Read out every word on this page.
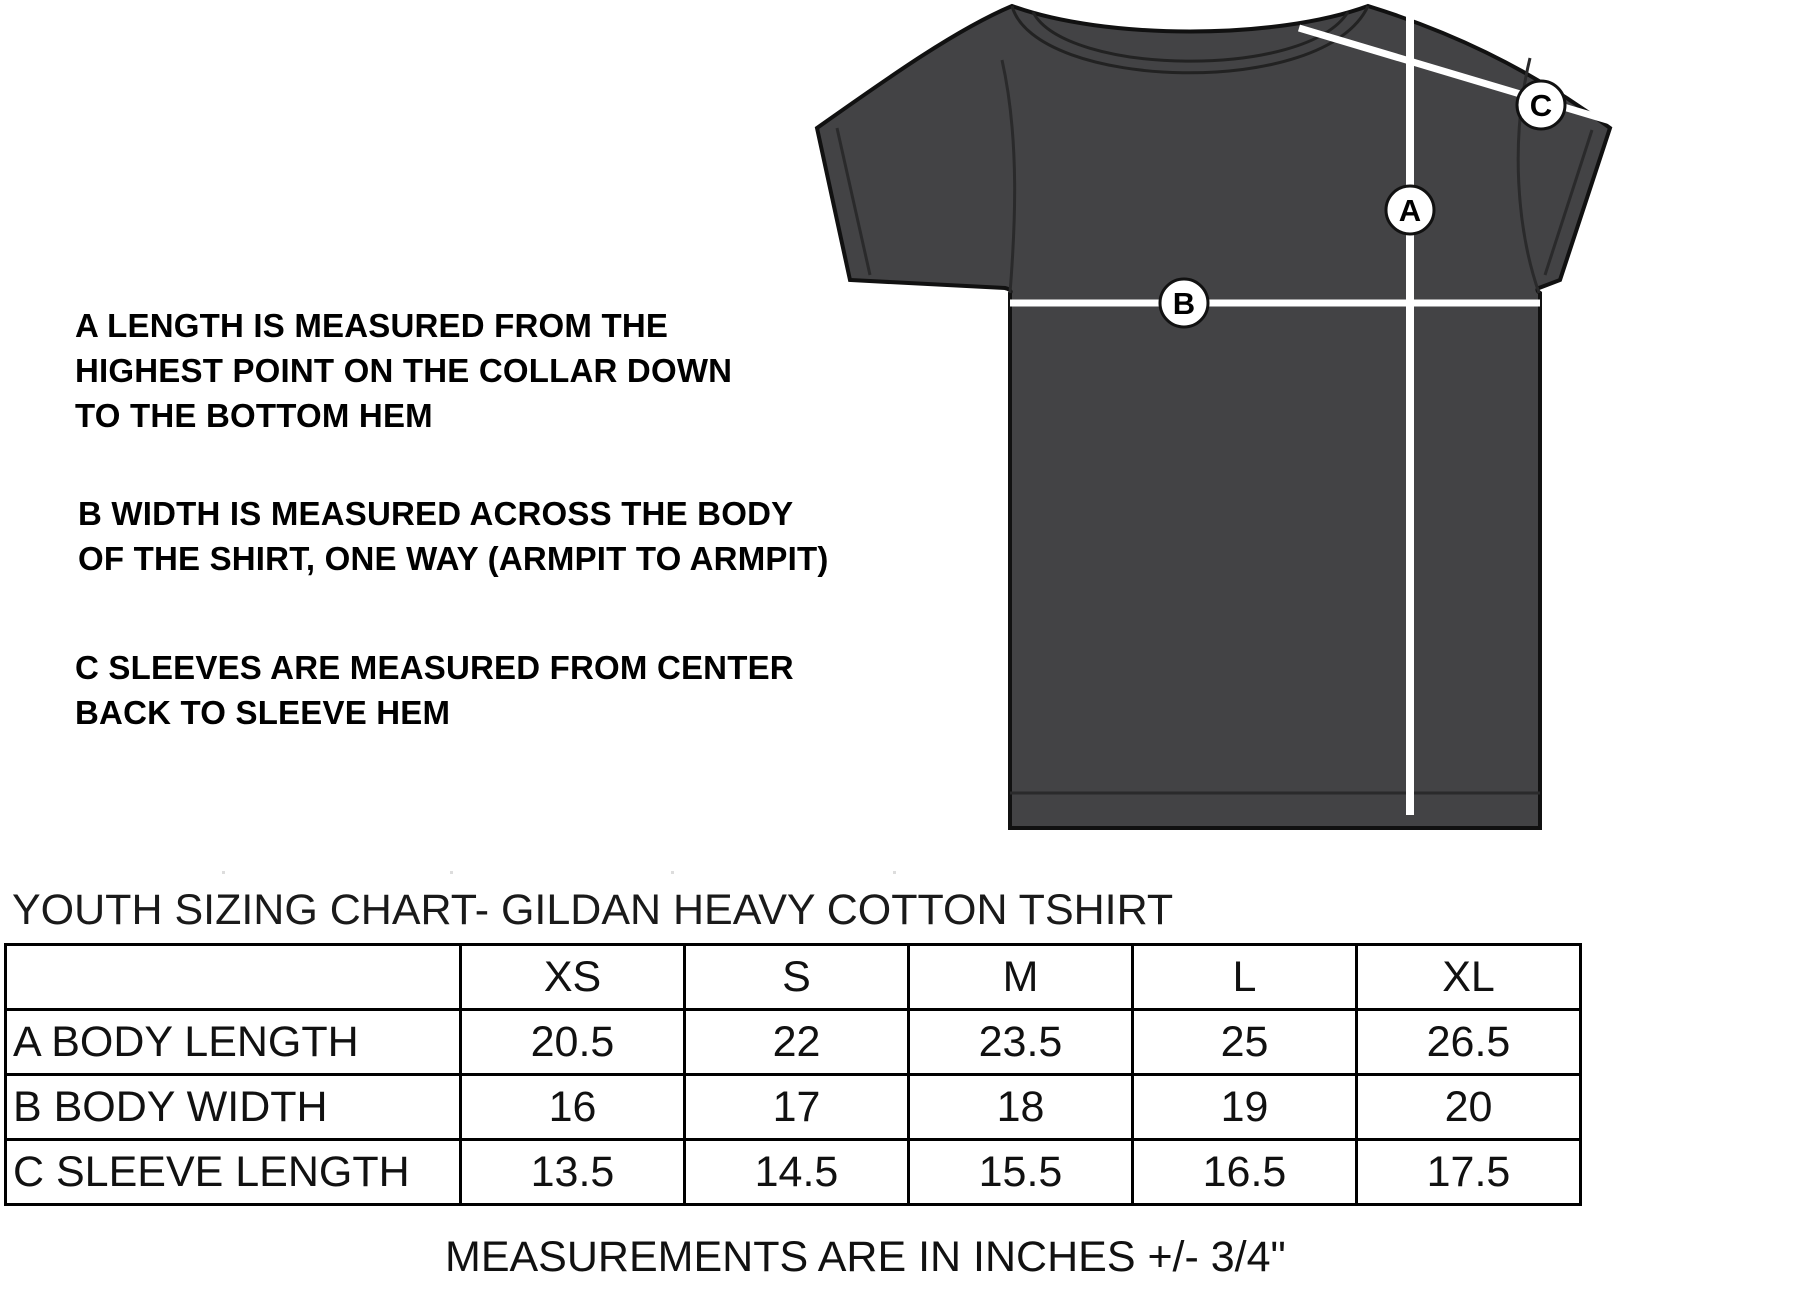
A LENGTH IS MEASURED FROM THE

HIGHEST POINT ON THE COLLAR DOWN

TO THE BOTTOM HEM

B WIDTH IS MEASURED ACROSS THE BODY

OF THE SHIRT, ONE WAY (ARMPIT TO ARMPIT)

C SLEEVES ARE MEASURED FROM CENTER

BACK TO SLEEVE HEM

A
B
C
YOUTH SIZING CHART- GILDAN HEAVY COTTON TSHIRT
	XS	S	M	L	XL
A BODY LENGTH	20.5	22	23.5	25	26.5
B BODY WIDTH	16	17	18	19	20
C SLEEVE LENGTH	13.5	14.5	15.5	16.5	17.5
MEASUREMENTS ARE IN INCHES +/- 3/4"
